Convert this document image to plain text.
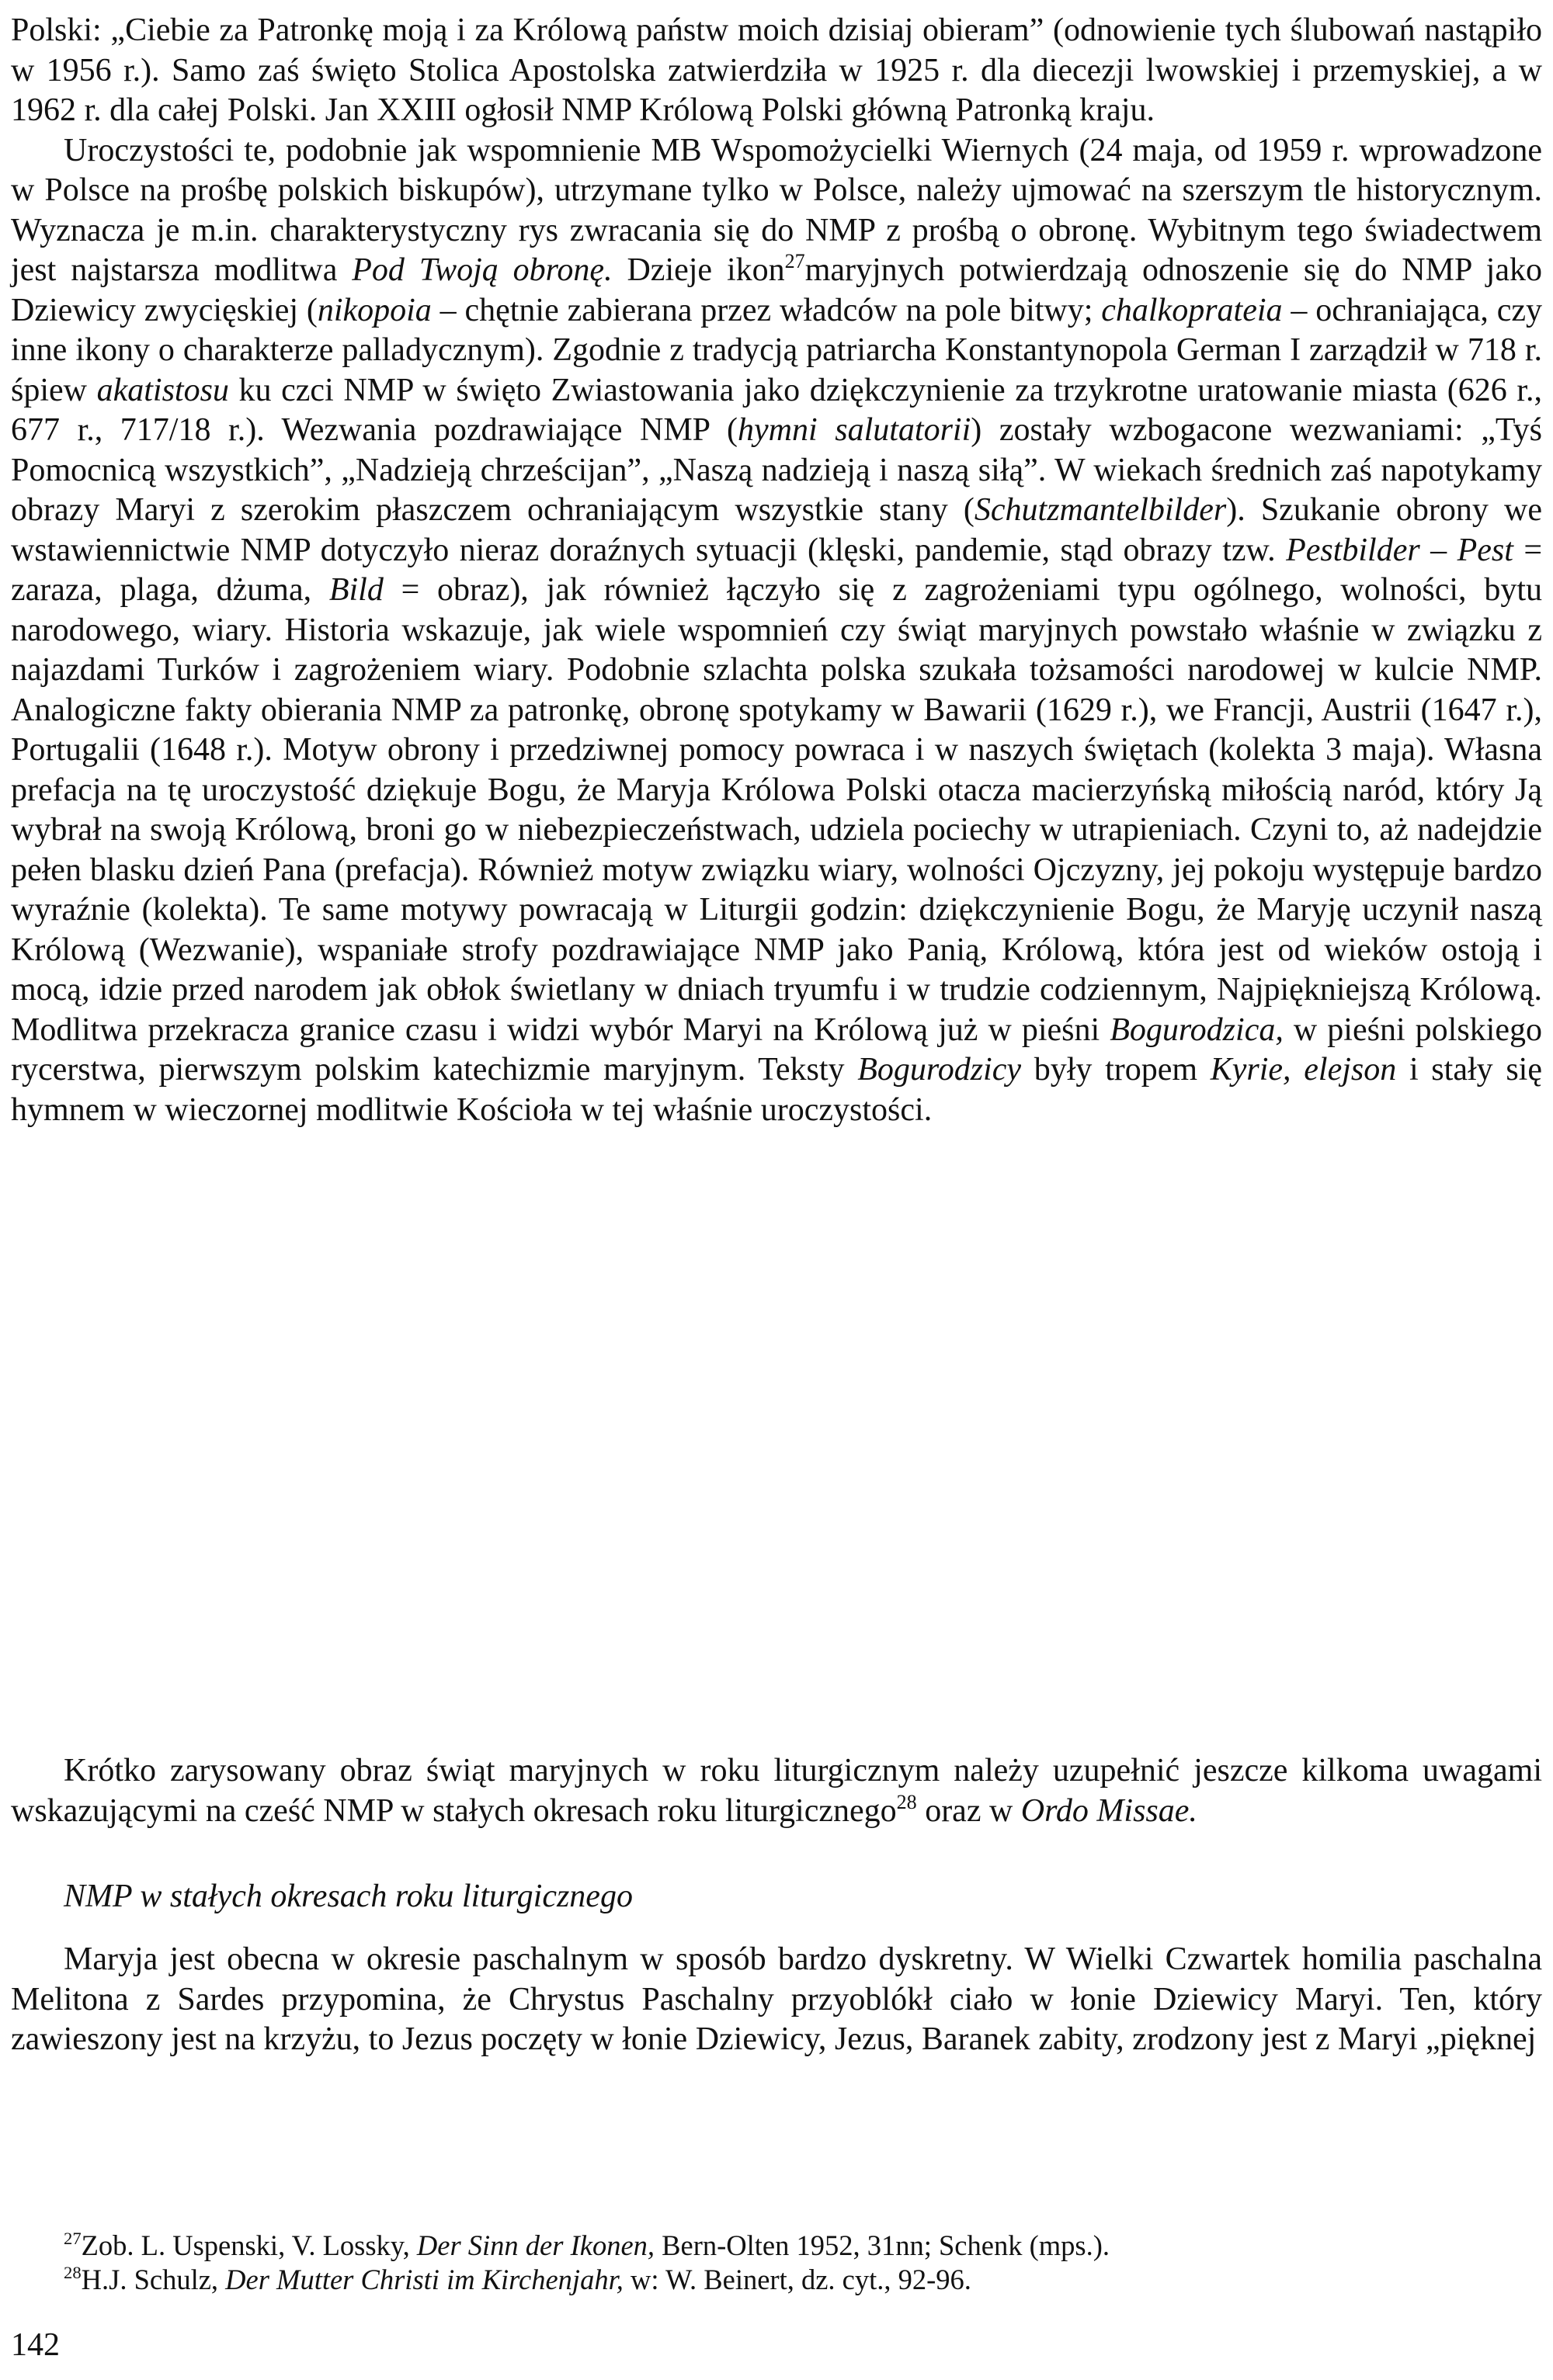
Polski: „Ciebie za Patronkę moją i za Królową państw moich dzisiaj obieram” (odnowienie tych ślubowań nastąpiło w 1956 r.). Samo zaś święto Stolica Apostolska zatwierdziła w 1925 r. dla diecezji lwowskiej i przemyskiej, a w 1962 r. dla całej Polski. Jan XXIII ogłosił NMP Królową Polski główną Patronką kraju.

Uroczystości te, podobnie jak wspomnienie MB Wspomożycielki Wiernych (24 maja, od 1959 r. wprowadzone w Polsce na prośbę polskich biskupów), utrzymane tylko w Polsce, należy ujmować na szerszym tle historycznym. Wyznacza je m.in. charakterystyczny rys zwracania się do NMP z prośbą o obronę. Wybitnym tego świadectwem jest najstarsza modlitwa Pod Twoją obronę. Dzieje ikon$^{27}$maryjnych potwierdzają odnoszenie się do NMP jako Dziewicy zwycięskiej (nikopoia – chętnie zabierana przez władców na pole bitwy; chalkoprateia – ochraniająca, czy inne ikony o charakterze palladycznym). Zgodnie z tradycją patriarcha Konstantynopola German I zarządził w 718 r. śpiew akatistosu ku czci NMP w święto Zwiastowania jako dziękczynienie za trzykrotne uratowanie miasta (626 r., 677 r., 717/18 r.). Wezwania pozdrawiające NMP (hymni salutatorii) zostały wzbogacone wezwaniami: „Tyś Pomocnicą wszystkich”, „Nadzieją chrześcijan”, „Naszą nadzieją i naszą siłą”. W wiekach średnich zaś napotykamy obrazy Maryi z szerokim płaszczem ochraniającym wszystkie stany (Schutzmantelbilder). Szukanie obrony we wstawiennictwie NMP dotyczyło nieraz doraźnych sytuacji (klęski, pandemie, stąd obrazy tzw. Pestbilder – Pest = zaraza, plaga, dżuma, Bild = obraz), jak również łączyło się z zagrożeniami typu ogólnego, wolności, bytu narodowego, wiary. Historia wskazuje, jak wiele wspomnień czy świąt maryjnych powstało właśnie w związku z najazdami Turków i zagrożeniem wiary. Podobnie szlachta polska szukała tożsamości narodowej w kulcie NMP. Analogiczne fakty obierania NMP za patronkę, obronę spotykamy w Bawarii (1629 r.), we Francji, Austrii (1647 r.), Portugalii (1648 r.). Motyw obrony i przedziwnej pomocy powraca i w naszych świętach (kolekta 3 maja). Własna prefacja na tę uroczystość dziękuje Bogu, że Maryja Królowa Polski otacza macierzyńską miłością naród, który Ją wybrał na swoją Królową, broni go w niebezpieczeństwach, udziela pociechy w utrapieniach. Czyni to, aż nadejdzie pełen blasku dzień Pana (prefacja). Również motyw związku wiary, wolności Ojczyzny, jej pokoju występuje bardzo wyraźnie (kolekta). Te same motywy powracają w Liturgii godzin: dziękczynienie Bogu, że Maryję uczynił naszą Królową (Wezwanie), wspaniałe strofy pozdrawiające NMP jako Panią, Królową, która jest od wieków ostoją i mocą, idzie przed narodem jak obłok świetlany w dniach tryumfu i w trudzie codziennym, Najpiękniejszą Królową. Modlitwa przekracza granice czasu i widzi wybór Maryi na Królową już w pieśni Bogurodzica, w pieśni polskiego rycerstwa, pierwszym polskim katechizmie maryjnym. Teksty Bogurodzicy były tropem Kyrie, elejson i stały się hymnem w wieczornej modlitwie Kościoła w tej właśnie uroczystości.

Krótko zarysowany obraz świąt maryjnych w roku liturgicznym należy uzupełnić jeszcze kilkoma uwagami wskazującymi na cześć NMP w stałych okresach roku liturgicznego$^{28}$ oraz w Ordo Missae.

NMP w stałych okresach roku liturgicznego

Maryja jest obecna w okresie paschalnym w sposób bardzo dyskretny. W Wielki Czwartek homilia paschalna Melitona z Sardes przypomina, że Chrystus Paschalny przyoblókł ciało w łonie Dziewicy Maryi. Ten, który zawieszony jest na krzyżu, to Jezus poczęty w łonie Dziewicy, Jezus, Baranek zabity, zrodzony jest z Maryi „pięknej

$^{27}$Zob. L. Uspenski, V. Lossky, Der Sinn der Ikonen, Bern-Olten 1952, 31nn; Schenk (mps.).

$^{28}$H.J. Schulz, Der Mutter Christi im Kirchenjahr, w: W. Beinert, dz. cyt., 92-96.

142
